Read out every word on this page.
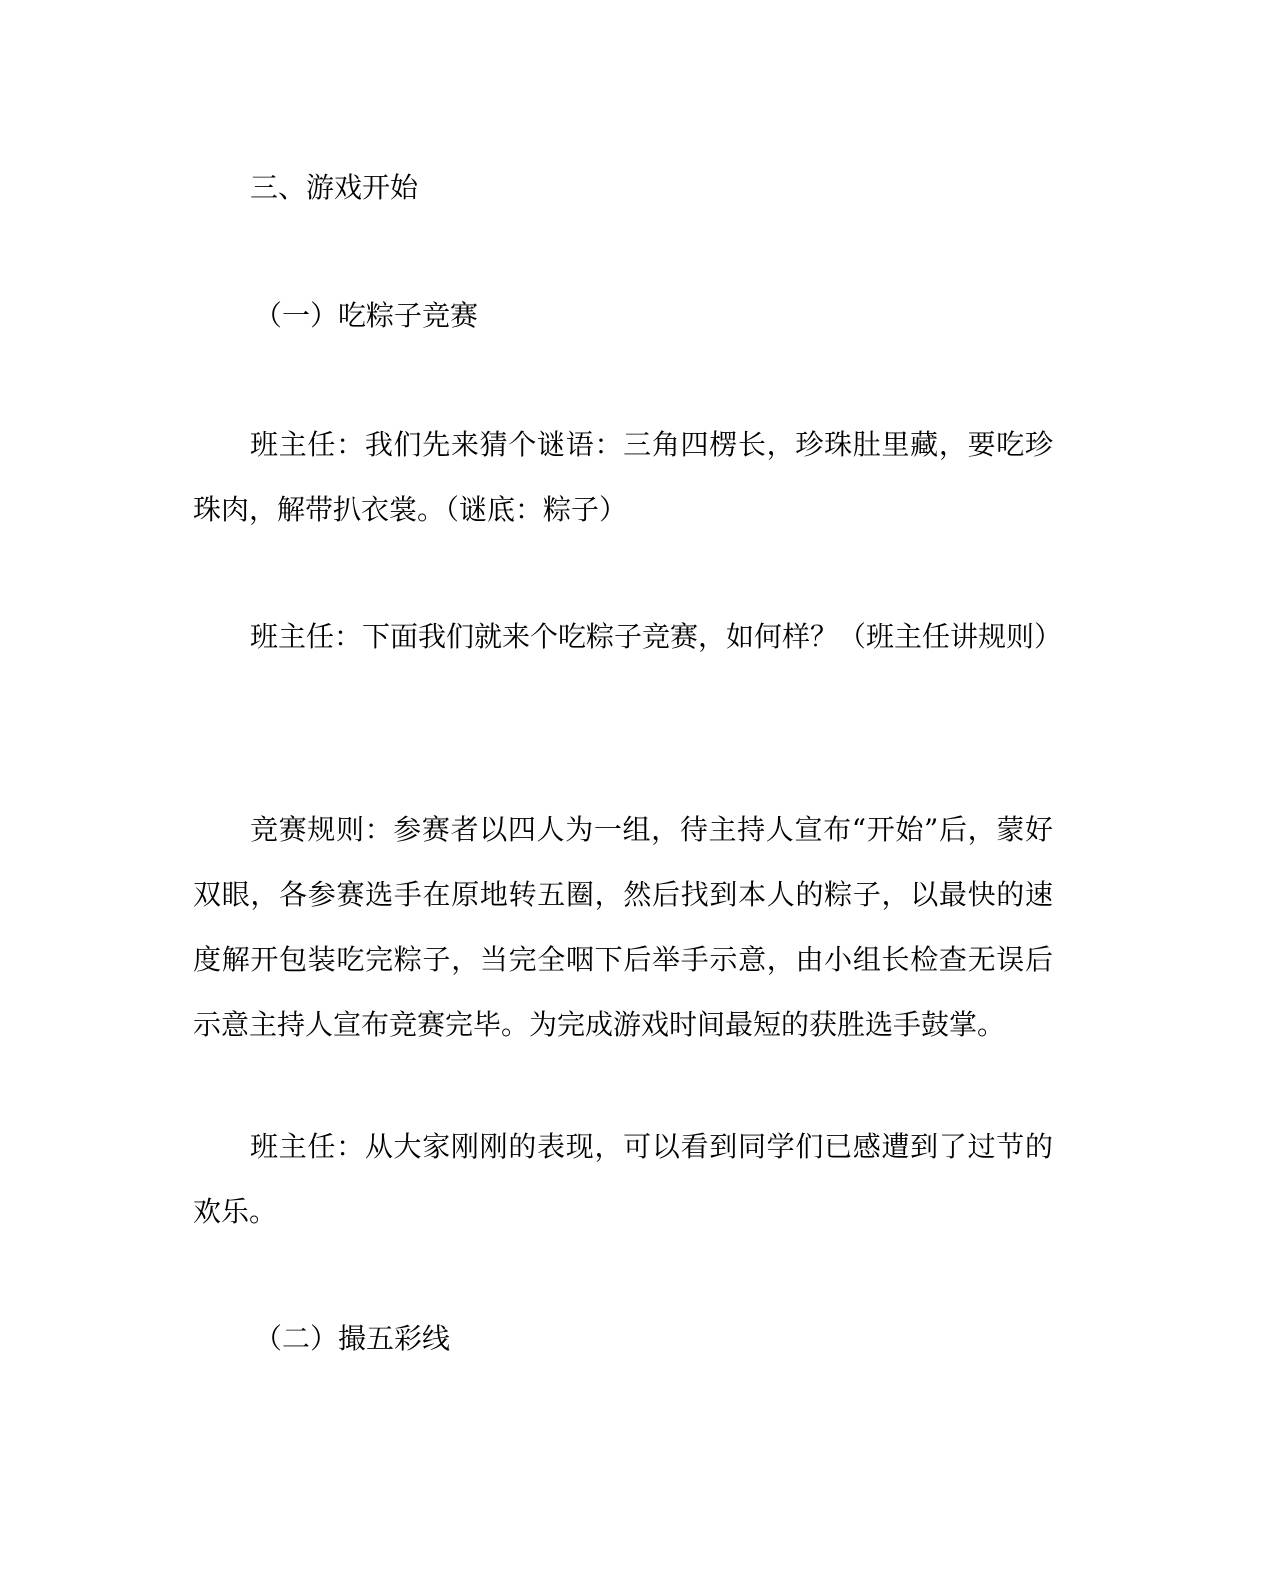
三、游戏开始
（一）吃粽子竞赛

班主任：我们先来猜个谜语：三角四楞长，珍珠肚里藏，要吃珍珠肉，解带扒衣裳。（谜底：粽子）

班主任：下面我们就来个吃粽子竞赛，如何样？（班主任讲规则）

竞赛规则：参赛者以四人为一组，待主持人宣布“开始”后，蒙好双眼，各参赛选手在原地转五圈，然后找到本人的粽子，以最快的速度解开包装吃完粽子，当完全咽下后举手示意，由小组长检查无误后示意主持人宣布竞赛完毕。为完成游戏时间最短的获胜选手鼓掌。

班主任：从大家刚刚的表现，可以看到同学们已感遭到了过节的欢乐。

（二）撮五彩线
